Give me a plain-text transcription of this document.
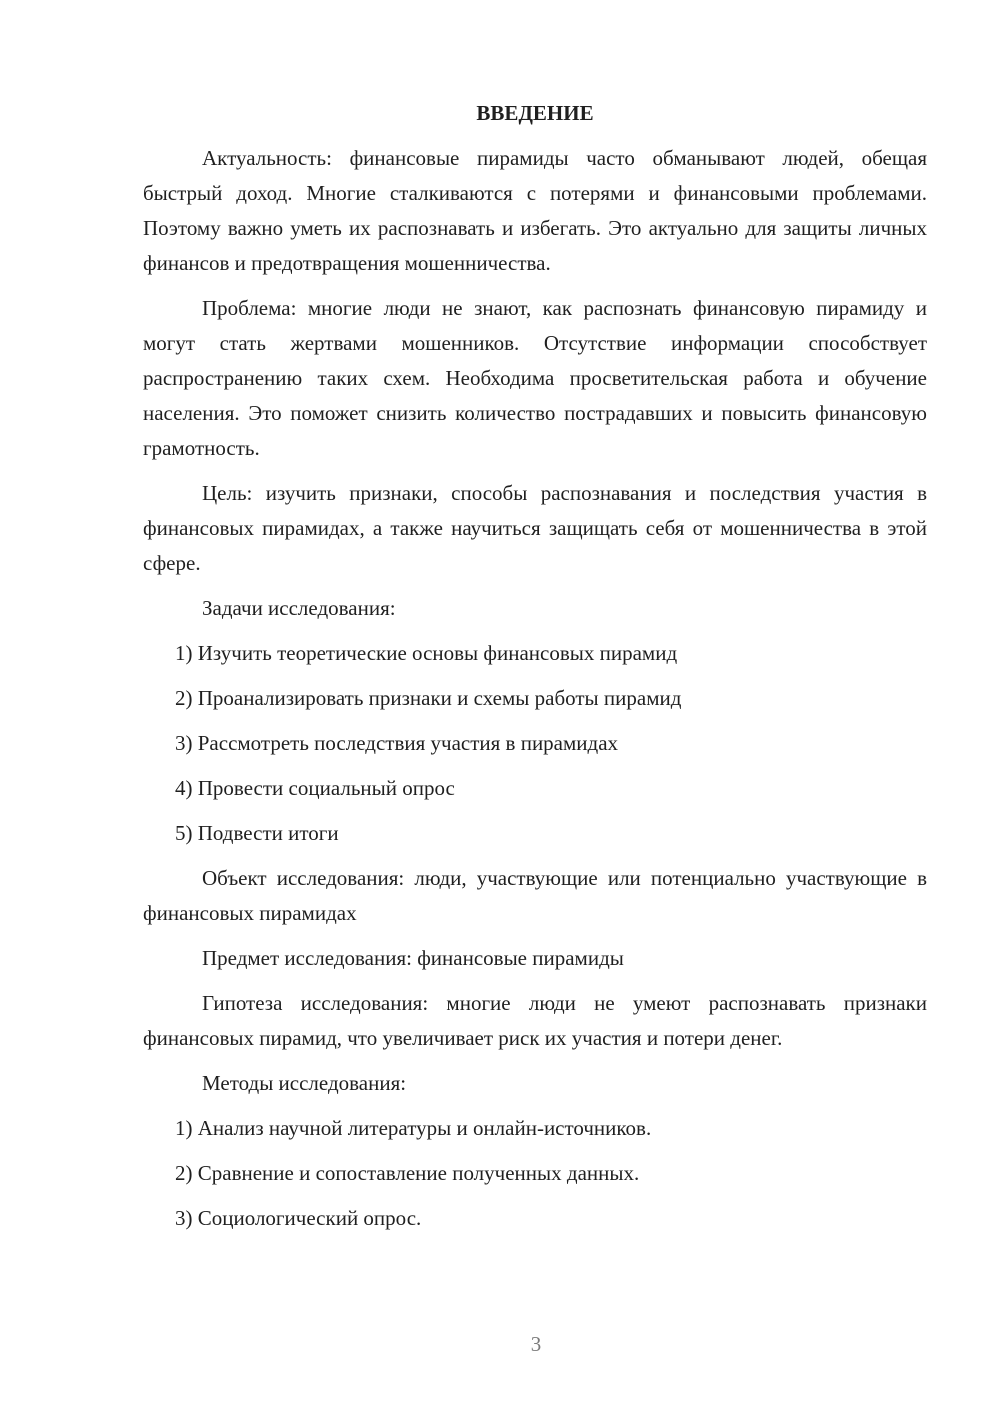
ВВЕДЕНИЕ

Актуальность: финансовые пирамиды часто обманывают людей, обещая быстрый доход. Многие сталкиваются с потерями и финансовыми проблемами. Поэтому важно уметь их распознавать и избегать. Это актуально для защиты личных финансов и предотвращения мошенничества.

Проблема: многие люди не знают, как распознать финансовую пирамиду и могут стать жертвами мошенников. Отсутствие информации способствует распространению таких схем. Необходима просветительская работа и обучение населения. Это поможет снизить количество пострадавших и повысить финансовую грамотность.

Цель: изучить признаки, способы распознавания и последствия участия в финансовых пирамидах, а также научиться защищать себя от мошенничества в этой сфере.

Задачи исследования:

1) Изучить теоретические основы финансовых пирамид
2) Проанализировать признаки и схемы работы пирамид
3) Рассмотреть последствия участия в пирамидах
4) Провести социальный опрос
5) Подвести итоги

Объект исследования: люди, участвующие или потенциально участвующие в финансовых пирамидах

Предмет исследования: финансовые пирамиды

Гипотеза исследования: многие люди не умеют распознавать признаки финансовых пирамид, что увеличивает риск их участия и потери денег.

Методы исследования:

1) Анализ научной литературы и онлайн-источников.
2) Сравнение и сопоставление полученных данных.
3) Социологический опрос.
3
